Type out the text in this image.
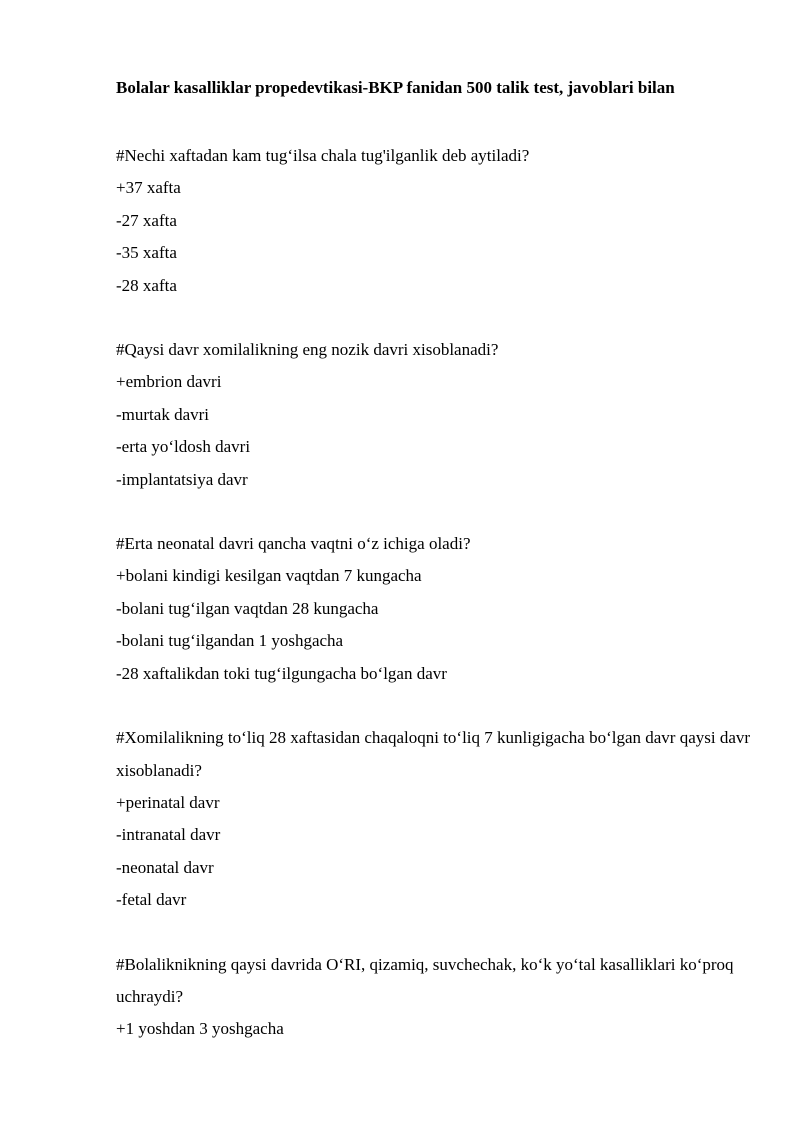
Bolalar kasalliklar propedevtikasi-BKP fanidan 500 talik test, javoblari bilan
#Nechi xaftadan kam tug‘ilsa chala tug'ilganlik deb aytiladi?
+37 xafta
-27 xafta
-35 xafta
-28 xafta
#Qaysi davr xomilalikning eng nozik davri xisoblanadi?
+embrion davri
-murtak davri
-erta yo‘ldosh davri
-implantatsiya davr
#Erta neonatal davri qancha vaqtni o‘z ichiga oladi?
+bolani kindigi kesilgan vaqtdan 7 kungacha
-bolani tug‘ilgan vaqtdan 28 kungacha
-bolani tug‘ilgandan 1 yoshgacha
-28 xaftalikdan toki tug‘ilgungacha bo‘lgan davr
#Xomilalikning to‘liq 28 xaftasidan chaqaloqni to‘liq 7 kunligigacha bo‘lgan davr qaysi davr xisoblanadi?
+perinatal davr
-intranatal davr
-neonatal davr
-fetal davr
#Bolaliknikning qaysi davrida O‘RI, qizamiq, suvchechak, ko‘k yo‘tal kasalliklari ko‘proq uchraydi?
+1 yoshdan 3 yoshgacha
